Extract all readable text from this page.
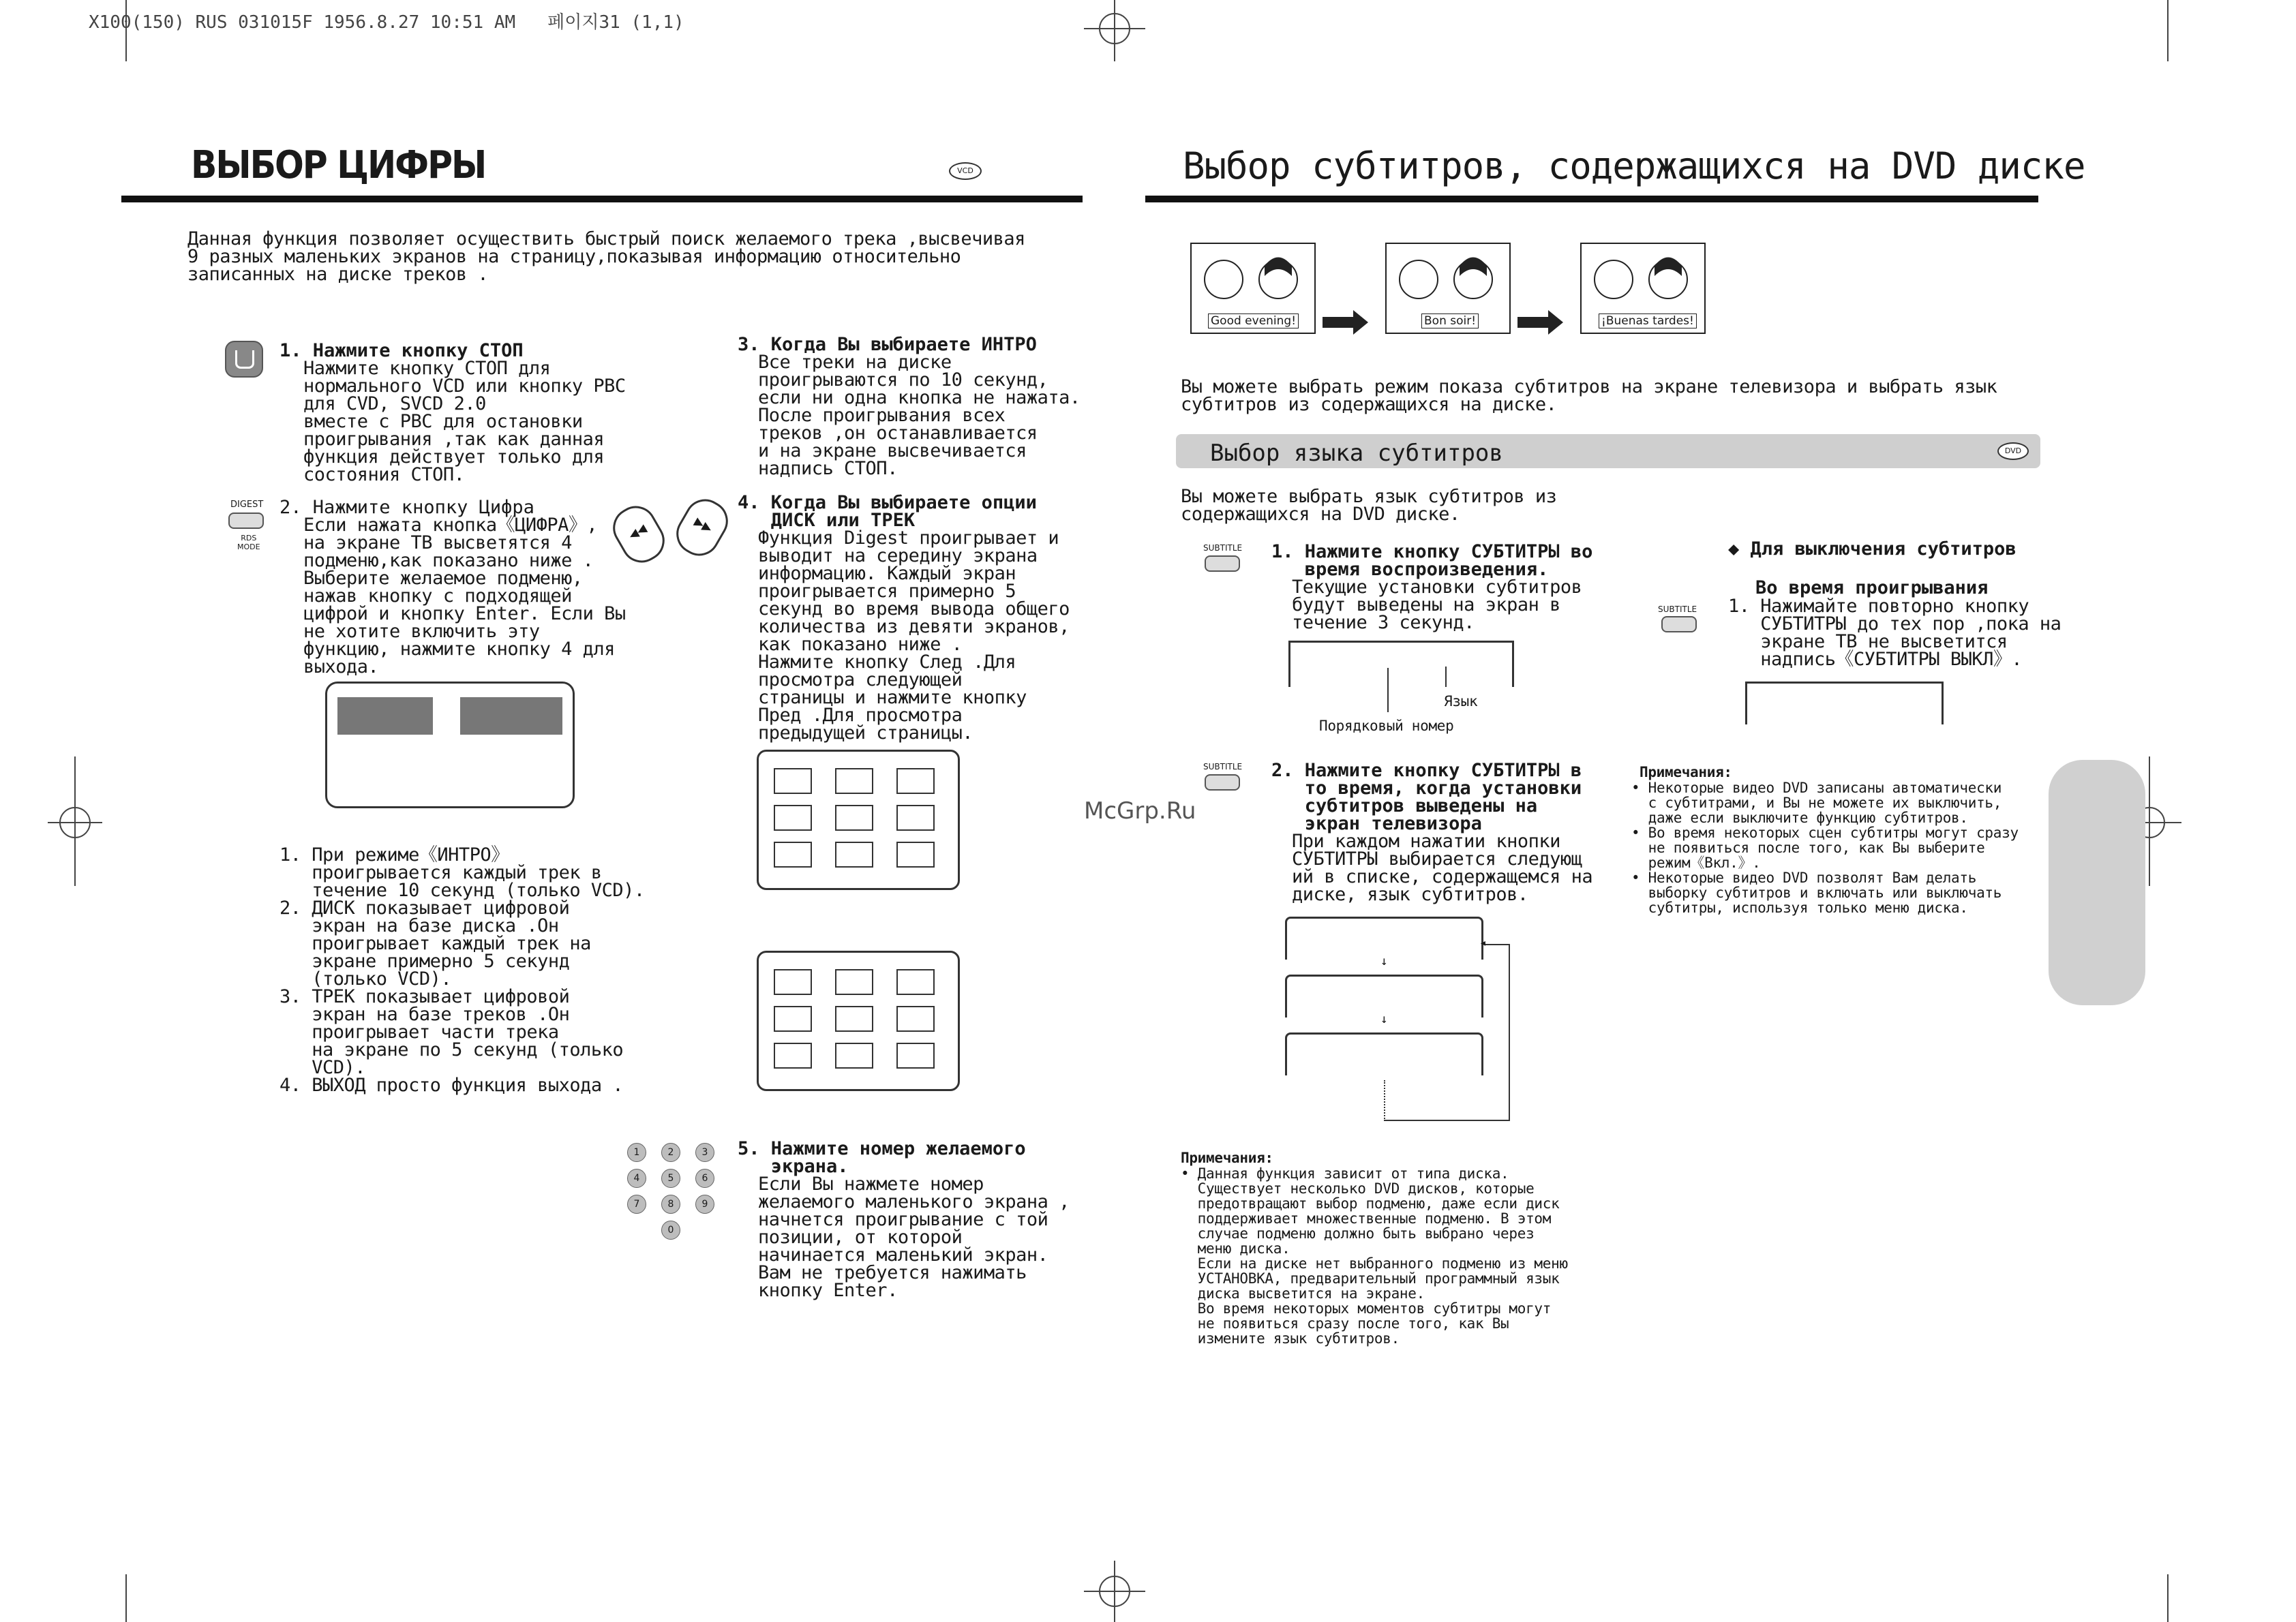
X100(150) RUS 031015F 1956.8.27 10:51 AM   페이지31 (1,1)
McGrp.Ru
ВЫБОР ЦИФРЫ	VCD
Данная функция позволяет осуществить быстрый поиск желаемого трека ,высвечивая
9 разных маленьких экранов на страницу,показывая информацию относительно
записанных на диске треков .
1. Нажмите кнопку СТОП
Нажмите кнопку СТОП для
нормального VCD или кнопку PBC
для CVD, SVCD 2.0
вместе с PBC для остановки
проигрывания ,так как данная
функция действует только для
состояния СТОП.
DIGEST
RDS
MODE
2. Нажмите кнопку Цифра
Если нажата кнопка《ЦИФРА》,
на экране ТВ высветятся 4
подменю,как показано ниже .
Выберите желаемое подменю,
нажав кнопку с подходящей
цифрой и кнопку Enter. Если Вы
не хотите включить эту
функцию, нажмите кнопку 4 для
выхода.
1. При режиме《ИНТРО》
проигрывается каждый трек в
течение 10 секунд (только VCD).
2. ДИСК показывает цифровой
экран на базе диска .Он
проигрывает каждый трек на
экране примерно 5 секунд
(только VCD).
3. ТРЕК показывает цифровой
экран на базе треков .Он
проигрывает части трека
на экране по 5 секунд (только
VCD).
4. ВЫХОД просто функция выхода .
◀◀	▶▶
3. Когда Вы выбираете ИНТРО
Все треки на диске
проигрываются по 10 секунд,
если ни одна кнопка не нажата.
После проигрывания всех
треков ,он останавливается
и на экране высвечивается
надпись СТОП.
4. Когда Вы выбираете опции
ДИСК или ТРЕК
Функция Digest проигрывает и
выводит на середину экрана
информацию. Каждый экран
проигрывается примерно 5
секунд во время вывода общего
количества из девяти экранов,
как показано ниже .
Нажмите кнопку След .Для
просмотра следующей
страницы и нажмите кнопку
Пред .Для просмотра
предыдущей страницы.
1	2	3
4	5	6
7	8	9
0
5. Нажмите номер желаемого
экрана.
Если Вы нажмете номер
желаемого маленького экрана ,
начнется проигрывание с той
позиции, от которой
начинается маленький экран.
Вам не требуется нажимать
кнопку Enter.
Выбор субтитров, содержащихся на DVD диске
Good evening!	Bon soir!	¡Buenas tardes!
Вы можете выбрать режим показа субтитров на экране телевизора и выбрать язык
субтитров из содержащихся на диске.
Выбор языка субтитров	DVD
Вы можете выбрать язык субтитров из
содержащихся на DVD диске.
SUBTITLE 1. Нажмите кнопку СУБТИТРЫ во
время воспроизведения.
Текущие установки субтитров
будут выведены на экран в
течение 3 секунд.
Язык
Порядковый номер
SUBTITLE 2. Нажмите кнопку СУБТИТРЫ в
то время, когда установки
субтитров выведены на
экран телевизора
При каждом нажатии кнопки
СУБТИТРЫ выбирается следующ
ий в списке, содержащемся на
диске, язык субтитров.
↓
↓
◂
◆ Для выключения субтитров
Во время проигрывания
SUBTITLE 1. Нажимайте повторно кнопку
СУБТИТРЫ до тех пор ,пока на
экране ТВ не высветится
надпись《СУБТИТРЫ ВЫКЛ》.
Примечания:
• Некоторые видео DVD записаны автоматически
с субтитрами, и Вы не можете их выключить,
даже если выключите функцию субтитров.
• Во время некоторых сцен субтитры могут сразу
не появиться после того, как Вы выберите
режим《Вкл.》.
• Некоторые видео DVD позволят Вам делать
выборку субтитров и включать или выключать
субтитры, используя только меню диска.
Примечания:
• Данная функция зависит от типа диска.
Существует несколько DVD дисков, которые
предотвращают выбор подменю, даже если диск
поддерживает множественные подменю. В этом
случае подменю должно быть выбрано через
меню диска.
Если на диске нет выбранного подменю из меню
УСТАНОВКА, предварительный программный язык
диска высветится на экране.
Во время некоторых моментов субтитры могут
не появиться сразу после того, как Вы
измените язык субтитров.
